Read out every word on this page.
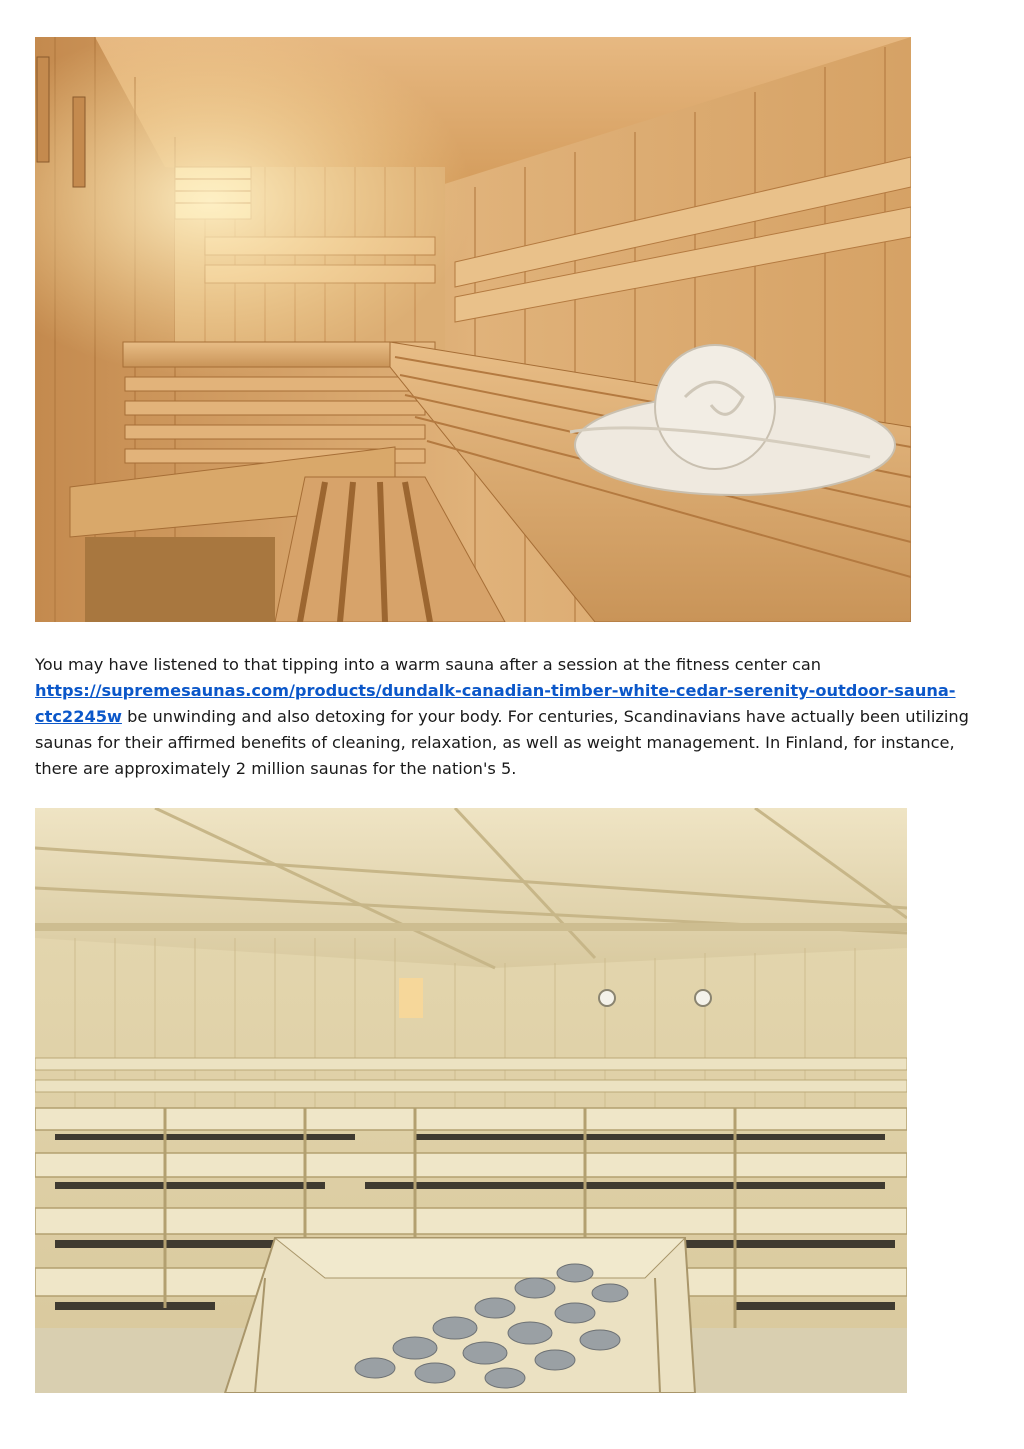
You may have listened to that tipping into a warm sauna after a session at the fitness center can https://supremesaunas.com/products/dundalk-canadian-timber-white-cedar-serenity-outdoor-sauna-ctc2245w be unwinding and also detoxing for your body. For centuries, Scandinavians have actually been utilizing saunas for their affirmed benefits of cleaning, relaxation, as well as weight management. In Finland, for instance, there are approximately 2 million saunas for the nation's 5.
